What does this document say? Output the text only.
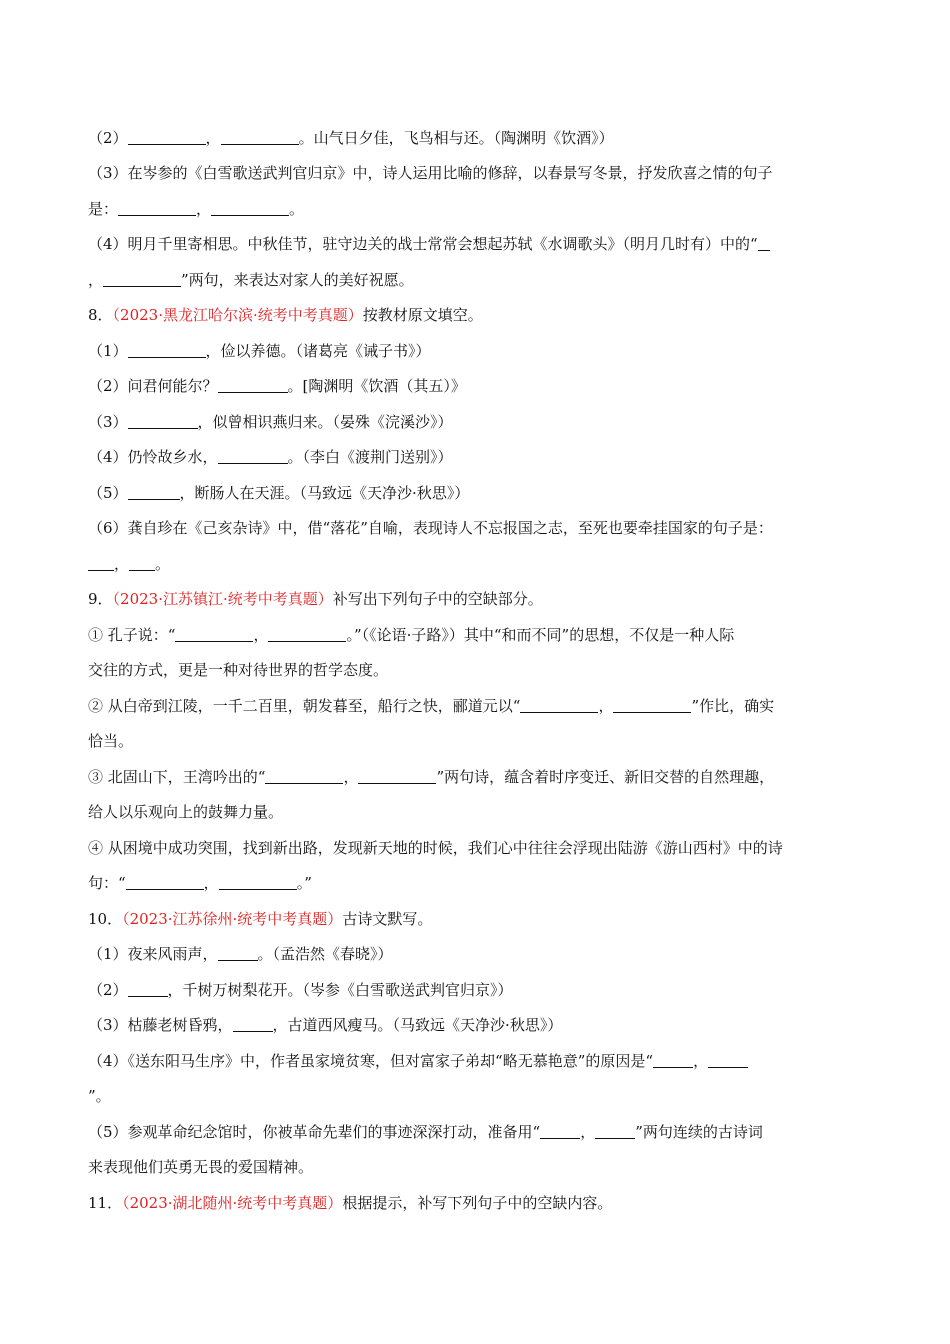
（2）	，	。山气日夕佳，飞鸟相与还。（陶渊明《饮酒》）
（3）在岑参的《白雪歌送武判官归京》中，诗人运用比喻的修辞，以春景写冬景，抒发欣喜之情的句子
是：	，	。
（4）明月千里寄相思。中秋佳节，驻守边关的战士常常会想起苏轼《水调歌头》（明月几时有）中的“
，	”两句，来表达对家人的美好祝愿。
8．（2023·黑龙江哈尔滨·统考中考真题）按教材原文填空。
（1）	，俭以养德。（诸葛亮《诫子书》）
（2）问君何能尔？	。[陶渊明《饮酒（其五）》
（3）	，似曾相识燕归来。（晏殊《浣溪沙》）
（4）仍怜故乡水，	。（李白《渡荆门送别》）
（5）	，断肠人在天涯。（马致远《天净沙·秋思》）
（6）龚自珍在《己亥杂诗》中，借“落花”自喻，表现诗人不忘报国之志，至死也要牵挂国家的句子是：
， 。
9．（2023·江苏镇江·统考中考真题）补写出下列句子中的空缺部分。
① 孔子说：“	，	。”（《论语·子路》）其中“和而不同”的思想，不仅是一种人际
交往的方式，更是一种对待世界的哲学态度。
② 从白帝到江陵，一千二百里，朝发暮至，船行之快，郦道元以“	，	”作比，确实
恰当。
③ 北固山下，王湾吟出的“	，	”两句诗，蕴含着时序变迁、新旧交替的自然理趣，
给人以乐观向上的鼓舞力量。
④ 从困境中成功突围，找到新出路，发现新天地的时候，我们心中往往会浮现出陆游《游山西村》中的诗
句：“	，	。”
10．（2023·江苏徐州·统考中考真题）古诗文默写。
（1）夜来风雨声，	。（孟浩然《春晓》）
（2）	，千树万树梨花开。（岑参《白雪歌送武判官归京》）
（3）枯藤老树昏鸦，	，古道西风瘦马。（马致远《天净沙·秋思》）
（4）《送东阳马生序》中，作者虽家境贫寒，但对富家子弟却“略无慕艳意”的原因是“	，
”。
（5）参观革命纪念馆时，你被革命先辈们的事迹深深打动，准备用“	，	”两句连续的古诗词
来表现他们英勇无畏的爱国精神。
11．（2023·湖北随州·统考中考真题）根据提示，补写下列句子中的空缺内容。
